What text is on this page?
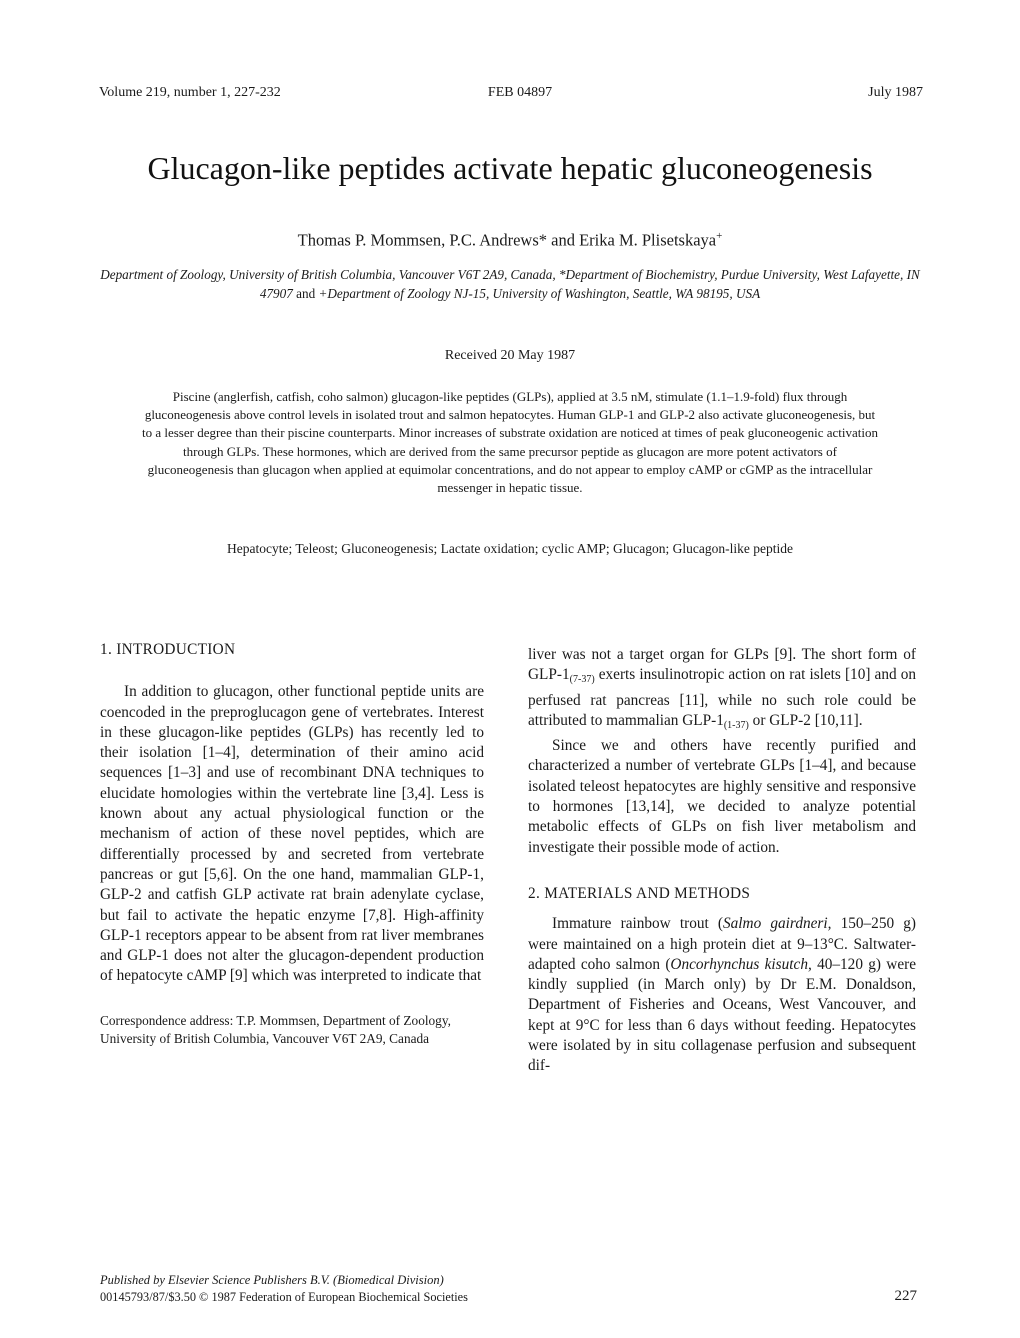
Volume 219, number 1, 227-232	FEB 04897	July 1987
Glucagon-like peptides activate hepatic gluconeogenesis
Thomas P. Mommsen, P.C. Andrews* and Erika M. Plisetskaya+
Department of Zoology, University of British Columbia, Vancouver V6T 2A9, Canada, *Department of Biochemistry, Purdue University, West Lafayette, IN 47907 and +Department of Zoology NJ-15, University of Washington, Seattle, WA 98195, USA
Received 20 May 1987
Piscine (anglerfish, catfish, coho salmon) glucagon-like peptides (GLPs), applied at 3.5 nM, stimulate (1.1–1.9-fold) flux through gluconeogenesis above control levels in isolated trout and salmon hepatocytes. Human GLP-1 and GLP-2 also activate gluconeogenesis, but to a lesser degree than their piscine counterparts. Minor increases of substrate oxidation are noticed at times of peak gluconeogenic activation through GLPs. These hormones, which are derived from the same precursor peptide as glucagon are more potent activators of gluconeogenesis than glucagon when applied at equimolar concentrations, and do not appear to employ cAMP or cGMP as the intracellular messenger in hepatic tissue.
Hepatocyte; Teleost; Gluconeogenesis; Lactate oxidation; cyclic AMP; Glucagon; Glucagon-like peptide
1. INTRODUCTION

In addition to glucagon, other functional peptide units are coencoded in the preproglucagon gene of vertebrates. Interest in these glucagon-like peptides (GLPs) has recently led to their isolation [1–4], determination of their amino acid sequences [1–3] and use of recombinant DNA techniques to elucidate homologies within the vertebrate line [3,4]. Less is known about any actual physiological function or the mechanism of action of these novel peptides, which are differentially processed by and secreted from vertebrate pancreas or gut [5,6]. On the one hand, mammalian GLP-1, GLP-2 and catfish GLP activate rat brain adenylate cyclase, but fail to activate the hepatic enzyme [7,8]. High-affinity GLP-1 receptors appear to be absent from rat liver membranes and GLP-1 does not alter the glucagon-dependent production of hepatocyte cAMP [9] which was interpreted to indicate that

Correspondence address: T.P. Mommsen, Department of Zoology, University of British Columbia, Vancouver V6T 2A9, Canada

liver was not a target organ for GLPs [9]. The short form of GLP-$1_{(7-37)}$ exerts insulinotropic action on rat islets [10] and on perfused rat pancreas [11], while no such role could be attributed to mammalian GLP-$1_{(1-37)}$ or GLP-2 [10,11].

Since we and others have recently purified and characterized a number of vertebrate GLPs [1–4], and because isolated teleost hepatocytes are highly sensitive and responsive to hormones [13,14], we decided to analyze potential metabolic effects of GLPs on fish liver metabolism and investigate their possible mode of action.

2. MATERIALS AND METHODS

Immature rainbow trout (Salmo gairdneri, 150–250 g) were maintained on a high protein diet at 9–13°C. Saltwater-adapted coho salmon (Oncorhynchus kisutch, 40–120 g) were kindly supplied (in March only) by Dr E.M. Donaldson, Department of Fisheries and Oceans, West Vancouver, and kept at 9°C for less than 6 days without feeding. Hepatocytes were isolated by in situ collagenase perfusion and subsequent dif-

Published by Elsevier Science Publishers B.V. (Biomedical Division)
00145793/87/$3.50 © 1987 Federation of European Biochemical Societies	227
